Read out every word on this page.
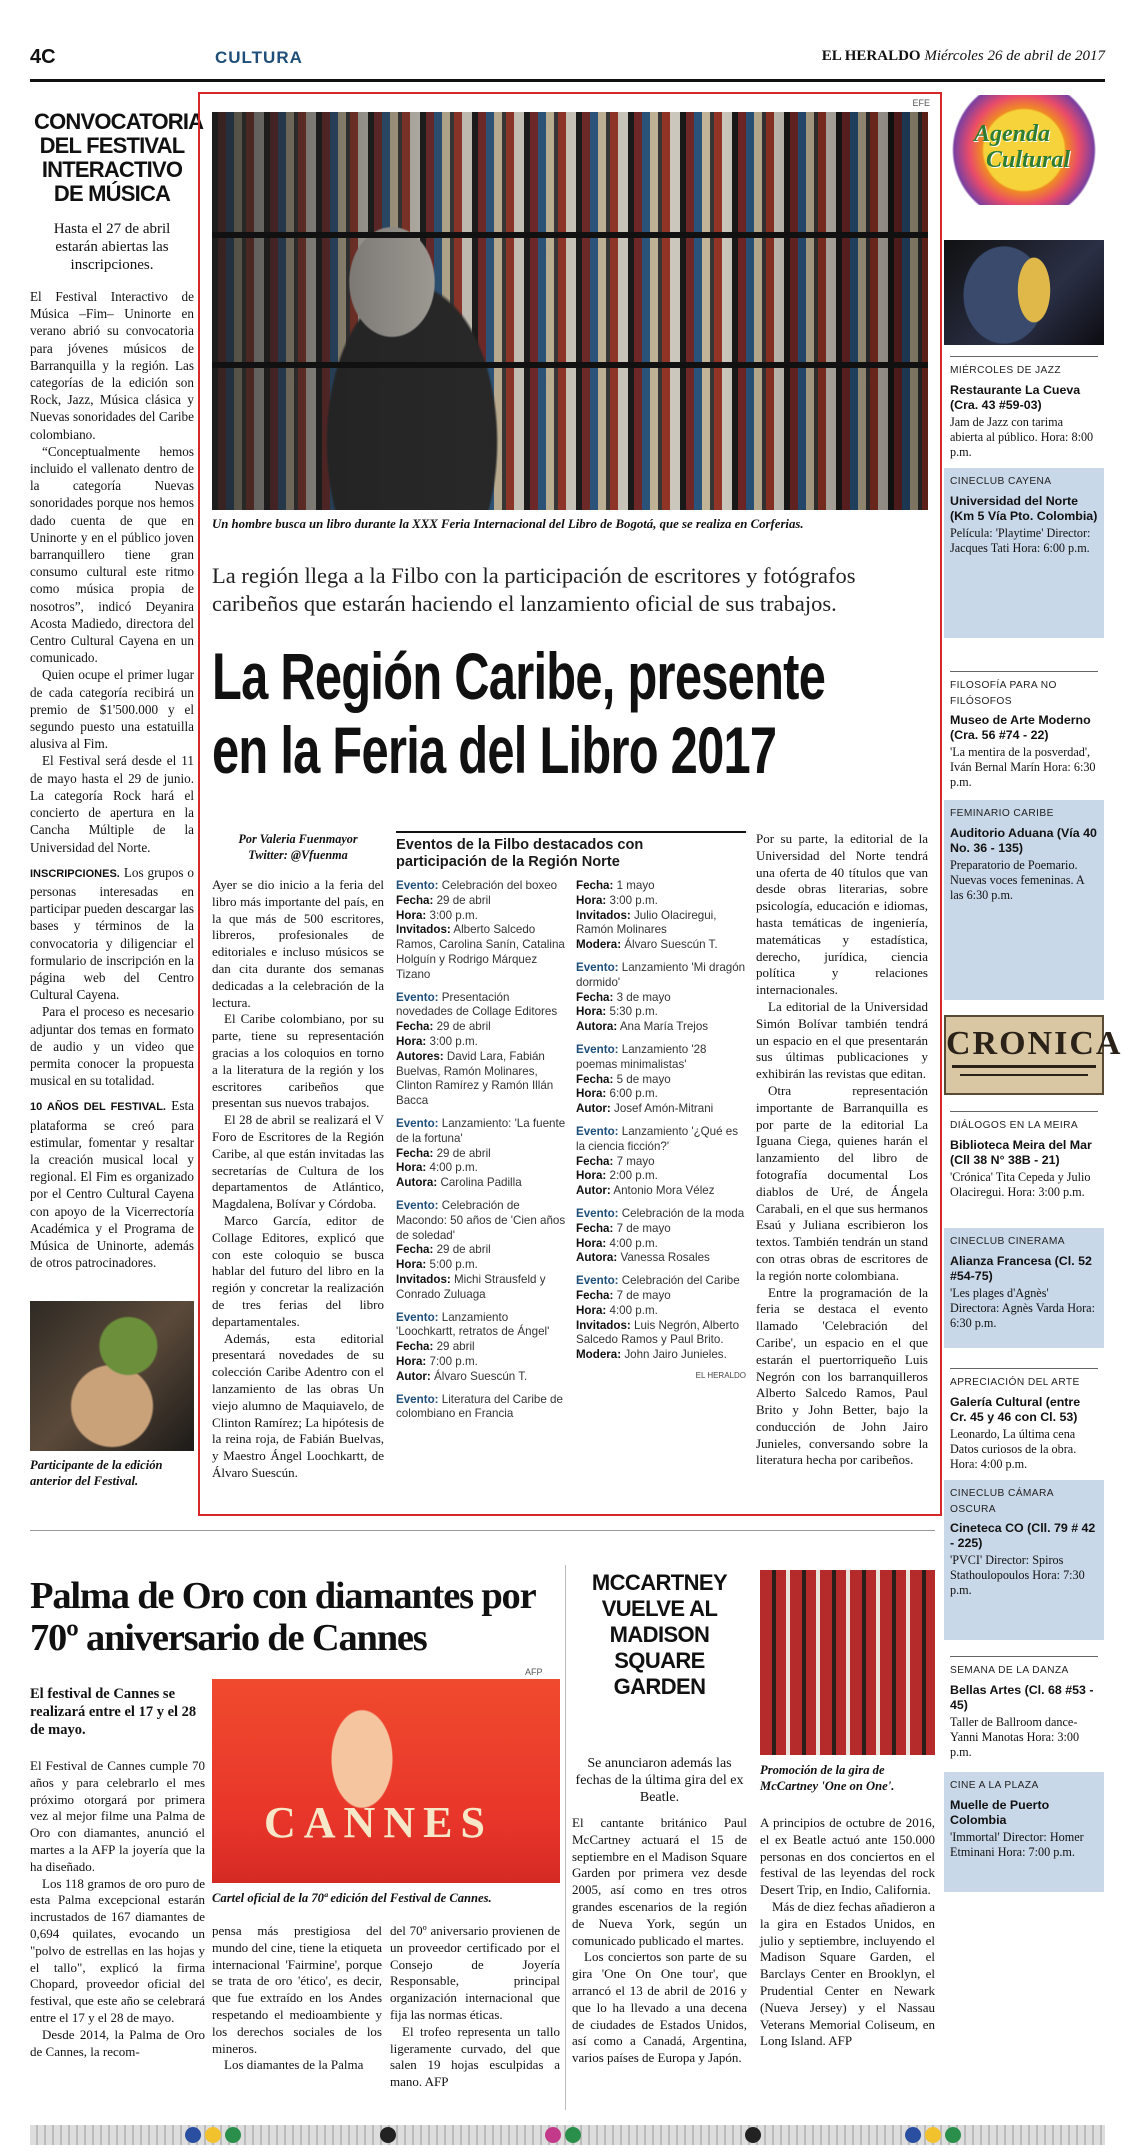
4C	CULTURA	EL HERALDO Miércoles 26 de abril de 2017
CONVOCATORIA DEL FESTIVAL INTERACTIVO DE MÚSICA
Hasta el 27 de abril estarán abiertas las inscripciones.

El Festival Interactivo de Música –Fim– Uninorte en verano abrió su convocatoria para jóvenes músicos de Barranquilla y la región. Las categorías de la edición son Rock, Jazz, Música clásica y Nuevas sonoridades del Caribe colombiano.

“Conceptualmente hemos incluido el vallenato dentro de la categoría Nuevas sonoridades porque nos hemos dado cuenta de que en Uninorte y en el público joven barranquillero tiene gran consumo cultural este ritmo como música propia de nosotros”, indicó Deyanira Acosta Madiedo, directora del Centro Cultural Cayena en un comunicado.

Quien ocupe el primer lugar de cada categoría recibirá un premio de $1'500.000 y el segundo puesto una estatuilla alusiva al Fim.

El Festival será desde el 11 de mayo hasta el 29 de junio. La categoría Rock hará el concierto de apertura en la Cancha Múltiple de la Universidad del Norte.

INSCRIPCIONES. Los grupos o personas interesadas en participar pueden descargar las bases y términos de la convocatoria y diligenciar el formulario de inscripción en la página web del Centro Cultural Cayena.

Para el proceso es necesario adjuntar dos temas en formato de audio y un video que permita conocer la propuesta musical en su totalidad.

10 AÑOS DEL FESTIVAL. Esta plataforma se creó para estimular, fomentar y resaltar la creación musical local y regional. El Fim es organizado por el Centro Cultural Cayena con apoyo de la Vicerrectoría Académica y el Programa de Música de Uninorte, además de otros patrocinadores.

Participante de la edición anterior del Festival.
EFE
Un hombre busca un libro durante la XXX Feria Internacional del Libro de Bogotá, que se realiza en Corferias.
La región llega a la Filbo con la participación de escritores y fotógrafos caribeños que estarán haciendo el lanzamiento oficial de sus trabajos.
La Región Caribe, presente
en la Feria del Libro 2017
Por Valeria Fuenmayor
Twitter: @Vfuenma

Ayer se dio inicio a la feria del libro más importante del país, en la que más de 500 escritores, libreros, profesionales de editoriales e incluso músicos se dan cita durante dos semanas dedicadas a la celebración de la lectura.

El Caribe colombiano, por su parte, tiene su representación gracias a los coloquios en torno a la literatura de la región y los escritores caribeños que presentan sus nuevos trabajos.

El 28 de abril se realizará el V Foro de Escritores de la Región Caribe, al que están invitadas las secretarías de Cultura de los departamentos de Atlántico, Magdalena, Bolívar y Córdoba.

Marco García, editor de Collage Editores, explicó que con este coloquio se busca hablar del futuro del libro en la región y concretar la realización de tres ferias del libro departamentales.

Además, esta editorial presentará novedades de su colección Caribe Adentro con el lanzamiento de las obras Un viejo alumno de Maquiavelo, de Clinton Ramírez; La hipótesis de la reina roja, de Fabián Buelvas, y Maestro Ángel Loochkartt, de Álvaro Suescún.

Eventos de la Filbo destacados con participación de la Región Norte
Evento: Celebración del boxeo
Fecha: 29 de abril
Hora: 3:00 p.m.
Invitados: Alberto Salcedo Ramos, Carolina Sanín, Catalina Holguín y Rodrigo Márquez Tizano
Evento: Presentación novedades de Collage Editores
Fecha: 29 de abril
Hora: 3:00 p.m.
Autores: David Lara, Fabián Buelvas, Ramón Molinares, Clinton Ramírez y Ramón Illán Bacca
Evento: Lanzamiento: 'La fuente de la fortuna'
Fecha: 29 de abril
Hora: 4:00 p.m.
Autora: Carolina Padilla
Evento: Celebración de Macondo: 50 años de 'Cien años de soledad'
Fecha: 29 de abril
Hora: 5:00 p.m.
Invitados: Michi Strausfeld y Conrado Zuluaga
Evento: Lanzamiento 'Loochkartt, retratos de Ángel'
Fecha: 29 abril
Hora: 7:00 p.m.
Autor: Álvaro Suescún T.
Evento: Literatura del Caribe de colombiano en Francia
Fecha: 1 mayo
Hora: 3:00 p.m.
Invitados: Julio Olaciregui, Ramón Molinares
Modera: Álvaro Suescún T.
Evento: Lanzamiento 'Mi dragón dormido'
Fecha: 3 de mayo
Hora: 5:30 p.m.
Autora: Ana María Trejos
Evento: Lanzamiento '28 poemas minimalistas'
Fecha: 5 de mayo
Hora: 6:00 p.m.
Autor: Josef Amón-Mitrani
Evento: Lanzamiento '¿Qué es la ciencia ficción?'
Fecha: 7 mayo
Hora: 2:00 p.m.
Autor: Antonio Mora Vélez
Evento: Celebración de la moda
Fecha: 7 de mayo
Hora: 4:00 p.m.
Autora: Vanessa Rosales
Evento: Celebración del Caribe
Fecha: 7 de mayo
Hora: 4:00 p.m.
Invitados: Luis Negrón, Alberto Salcedo Ramos y Paul Brito.
Modera: John Jairo Junieles.
EL HERALDO

Por su parte, la editorial de la Universidad del Norte tendrá una oferta de 40 títulos que van desde obras literarias, sobre psicología, educación e idiomas, hasta temáticas de ingeniería, matemáticas y estadística, derecho, jurídica, ciencia política y relaciones internacionales.

La editorial de la Universidad Simón Bolívar también tendrá un espacio en el que presentarán sus últimas publicaciones y exhibirán las revistas que editan.

Otra representación importante de Barranquilla es por parte de la editorial La Iguana Ciega, quienes harán el lanzamiento del libro de fotografía documental Los diablos de Uré, de Ángela Carabali, en el que sus hermanos Esaú y Juliana escribieron los textos. También tendrán un stand con otras obras de escritores de la región norte colombiana.

Entre la programación de la feria se destaca el evento llamado 'Celebración del Caribe', un espacio en el que estarán el puertorriqueño Luis Negrón con los barranquilleros Alberto Salcedo Ramos, Paul Brito y John Better, bajo la conducción de John Jairo Junieles, conversando sobre la literatura hecha por caribeños.

Agenda
Cultural
MIÉRCOLES DE JAZZ
Restaurante La Cueva (Cra. 43 #59-03)
Jam de Jazz con tarima abierta al público. Hora: 8:00 p.m.
CINECLUB CAYENA
Universidad del Norte (Km 5 Vía Pto. Colombia)
Película: 'Playtime' Director: Jacques Tati Hora: 6:00 p.m.
FILOSOFÍA PARA NO FILÓSOFOS
Museo de Arte Moderno (Cra. 56 #74 - 22)
'La mentira de la posverdad', Iván Bernal Marín Hora: 6:30 p.m.
FEMINARIO CARIBE
Auditorio Aduana (Vía 40 No. 36 - 135)
Preparatorio de Poemario. Nuevas voces femeninas. A las 6:30 p.m.
DIÁLOGOS EN LA MEIRA
Biblioteca Meira del Mar (Cll 38 N° 38B - 21)
'Crónica' Tita Cepeda y Julio Olaciregui. Hora: 3:00 p.m.
CINECLUB CINERAMA
Alianza Francesa (Cl. 52 #54-75)
'Les plages d'Agnès' Directora: Agnès Varda Hora: 6:30 p.m.
APRECIACIÓN DEL ARTE
Galería Cultural (entre Cr. 45 y 46 con Cl. 53)
Leonardo, La última cena Datos curiosos de la obra. Hora: 4:00 p.m.
CINECLUB CÁMARA OSCURA
Cineteca CO (Cll. 79 # 42 - 225)
'PVCI' Director: Spiros Stathoulopoulos Hora: 7:30 p.m.
SEMANA DE LA DANZA
Bellas Artes (Cl. 68 #53 - 45)
Taller de Ballroom dance- Yanni Manotas Hora: 3:00 p.m.
CINE A LA PLAZA
Muelle de Puerto Colombia
'Immortal' Director: Homer Etminani Hora: 7:00 p.m.
CRONICA
Palma de Oro con diamantes por 70º aniversario de Cannes
El festival de Cannes se realizará entre el 17 y el 28 de mayo.

El Festival de Cannes cumple 70 años y para celebrarlo el mes próximo otorgará por primera vez al mejor filme una Palma de Oro con diamantes, anunció el martes a la AFP la joyería que la ha diseñado.

Los 118 gramos de oro puro de esta Palma excepcional estarán incrustados de 167 diamantes de 0,694 quilates, evocando un "polvo de estrellas en las hojas y el tallo", explicó la firma Chopard, proveedor oficial del festival, que este año se celebrará entre el 17 y el 28 de mayo.

Desde 2014, la Palma de Oro de Cannes, la recom-

AFP
CANNES
Cartel oficial de la 70ª edición del Festival de Cannes.

pensa más prestigiosa del mundo del cine, tiene la etiqueta internacional 'Fairmine', porque se trata de oro 'ético', es decir, que fue extraído en los Andes respetando el medioambiente y los derechos sociales de los mineros.

Los diamantes de la Palma

del 70º aniversario provienen de un proveedor certificado por el Consejo de Joyería Responsable, principal organización internacional que fija las normas éticas.

El trofeo representa un tallo ligeramente curvado, del que salen 19 hojas esculpidas a mano. AFP

MCCARTNEY VUELVE AL MADISON SQUARE GARDEN
Se anunciaron además las fechas de la última gira del ex Beatle.

El cantante británico Paul McCartney actuará el 15 de septiembre en el Madison Square Garden por primera vez desde 2005, así como en tres otros grandes escenarios de la región de Nueva York, según un comunicado publicado el martes.

Los conciertos son parte de su gira 'One On One tour', que arrancó el 13 de abril de 2016 y que lo ha llevado a una decena de ciudades de Estados Unidos, así como a Canadá, Argentina, varios países de Europa y Japón.

Promoción de la gira de McCartney 'One on One'.

A principios de octubre de 2016, el ex Beatle actuó ante 150.000 personas en dos conciertos en el festival de las leyendas del rock Desert Trip, en Indio, California.

Más de diez fechas añadieron a la gira en Estados Unidos, en julio y septiembre, incluyendo el Madison Square Garden, el Barclays Center en Brooklyn, el Prudential Center en Newark (Nueva Jersey) y el Nassau Veterans Memorial Coliseum, en Long Island. AFP
